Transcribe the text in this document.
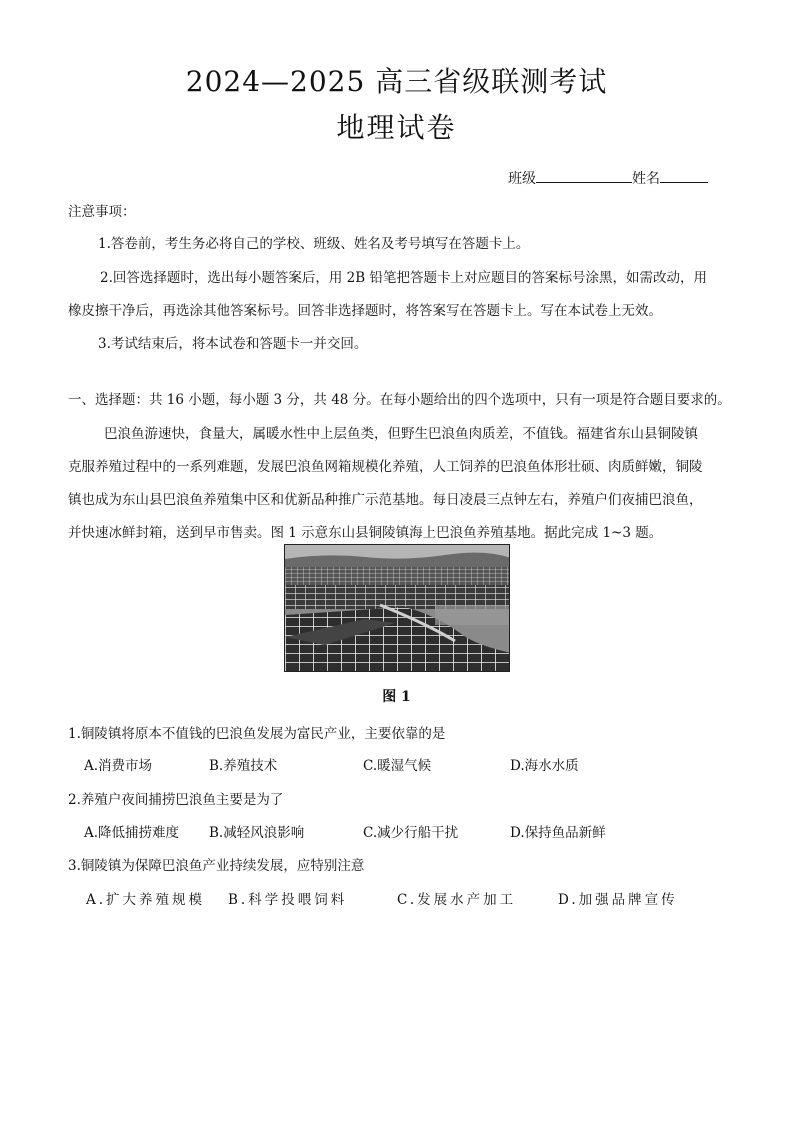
2024—2025 高三省级联测考试
地理试卷
班级	姓名
注意事项：
1.答卷前，考生务必将自己的学校、班级、姓名及考号填写在答题卡上。
2.回答选择题时，选出每小题答案后，用 2B 铅笔把答题卡上对应题目的答案标号涂黑，如需改动，用
橡皮擦干净后，再选涂其他答案标号。回答非选择题时，将答案写在答题卡上。写在本试卷上无效。
3.考试结束后，将本试卷和答题卡一并交回。
一、选择题：共 16 小题，每小题 3 分，共 48 分。在每小题给出的四个选项中，只有一项是符合题目要求的。
巴浪鱼游速快，食量大，属暖水性中上层鱼类，但野生巴浪鱼肉质差，不值钱。福建省东山县铜陵镇
克服养殖过程中的一系列难题，发展巴浪鱼网箱规模化养殖，人工饲养的巴浪鱼体形壮硕、肉质鲜嫩，铜陵
镇也成为东山县巴浪鱼养殖集中区和优新品种推广示范基地。每日凌晨三点钟左右，养殖户们夜捕巴浪鱼，
并快速冰鲜封箱，送到早市售卖。图 1 示意东山县铜陵镇海上巴浪鱼养殖基地。据此完成 1~3 题。
图 1
1.铜陵镇将原本不值钱的巴浪鱼发展为富民产业，主要依靠的是
A.消费市场	B.养殖技术	C.暖湿气候	D.海水水质
2.养殖户夜间捕捞巴浪鱼主要是为了
A.降低捕捞难度 B.减轻风浪影响	C.减少行船干扰	D.保持鱼品新鲜
3.铜陵镇为保障巴浪鱼产业持续发展，应特别注意
A.扩大养殖规模 B.科学投喂饲料	C.发展水产加工	D.加强品牌宣传
